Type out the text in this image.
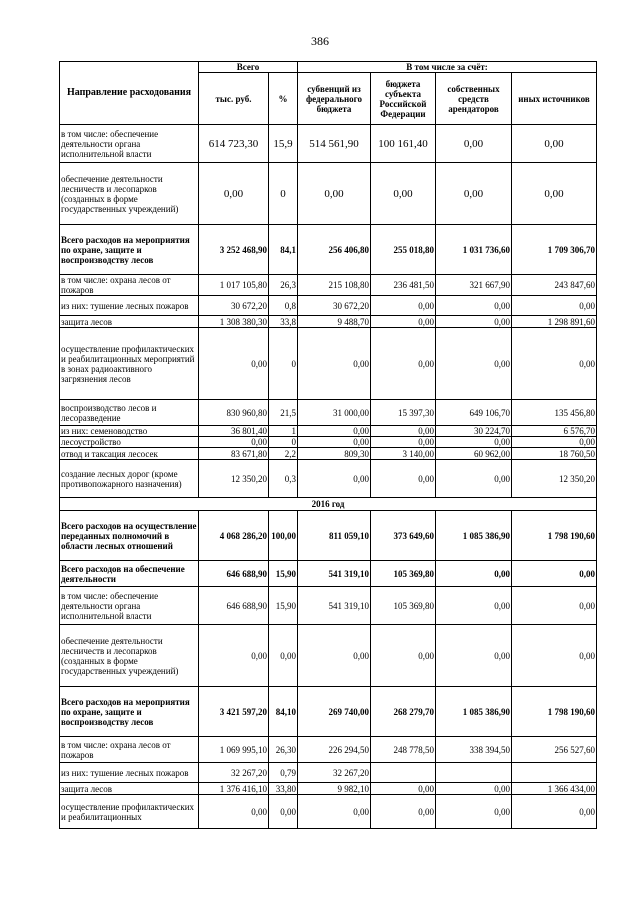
386
Направление расходования	Всего		В том числе за счёт:			
	тыс. руб.	%	субвенций из федерального бюджета	бюджета субъекта Российской Федерации	собственных средств арендаторов	иных источников
в том числе: обеспечение деятельности органа исполнительной власти	614 723,30	15,9	514 561,90	100 161,40	0,00	0,00
обеспечение деятельности лесничеств и лесопарков (созданных в форме государственных учреждений)	0,00	0	0,00	0,00	0,00	0,00
Всего расходов на мероприятия по охране, защите и воспроизводству лесов	3 252 468,90	84,1	256 406,80	255 018,80	1 031 736,60	1 709 306,70
в том числе: охрана лесов от пожаров	1 017 105,80	26,3	215 108,80	236 481,50	321 667,90	243 847,60
из них: тушение лесных пожаров	30 672,20	0,8	30 672,20	0,00	0,00	0,00
защита лесов	1 308 380,30	33,8	9 488,70	0,00	0,00	1 298 891,60
осуществление профилактических и реабилитационных мероприятий в зонах радиоактивного загрязнения лесов	0,00	0	0,00	0,00	0,00	0,00
воспроизводство лесов и лесоразведение	830 960,80	21,5	31 000,00	15 397,30	649 106,70	135 456,80
из них: семеноводство	36 801,40	1	0,00	0,00	30 224,70	6 576,70
лесоустройство	0,00	0	0,00	0,00	0,00	0,00
отвод и таксация лесосек	83 671,80	2,2	809,30	3 140,00	60 962,00	18 760,50
создание лесных дорог (кроме противопожарного назначения)	12 350,20	0,3	0,00	0,00	0,00	12 350,20
2016 год						
Всего расходов на осуществление переданных полномочий в области лесных отношений	4 068 286,20	100,00	811 059,10	373 649,60	1 085 386,90	1 798 190,60
Всего расходов на обеспечение деятельности	646 688,90	15,90	541 319,10	105 369,80	0,00	0,00
в том числе: обеспечение деятельности органа исполнительной власти	646 688,90	15,90	541 319,10	105 369,80	0,00	0,00
обеспечение деятельности лесничеств и лесопарков (созданных в форме государственных учреждений)	0,00	0,00	0,00	0,00	0,00	0,00
Всего расходов на мероприятия по охране, защите и воспроизводству лесов	3 421 597,20	84,10	269 740,00	268 279,70	1 085 386,90	1 798 190,60
в том числе: охрана лесов от пожаров	1 069 995,10	26,30	226 294,50	248 778,50	338 394,50	256 527,60
из них: тушение лесных пожаров	32 267,20	0,79	32 267,20			
защита лесов	1 376 416,10	33,80	9 982,10	0,00	0,00	1 366 434,00
осуществление профилактических и реабилитационных	0,00	0,00	0,00	0,00	0,00	0,00
